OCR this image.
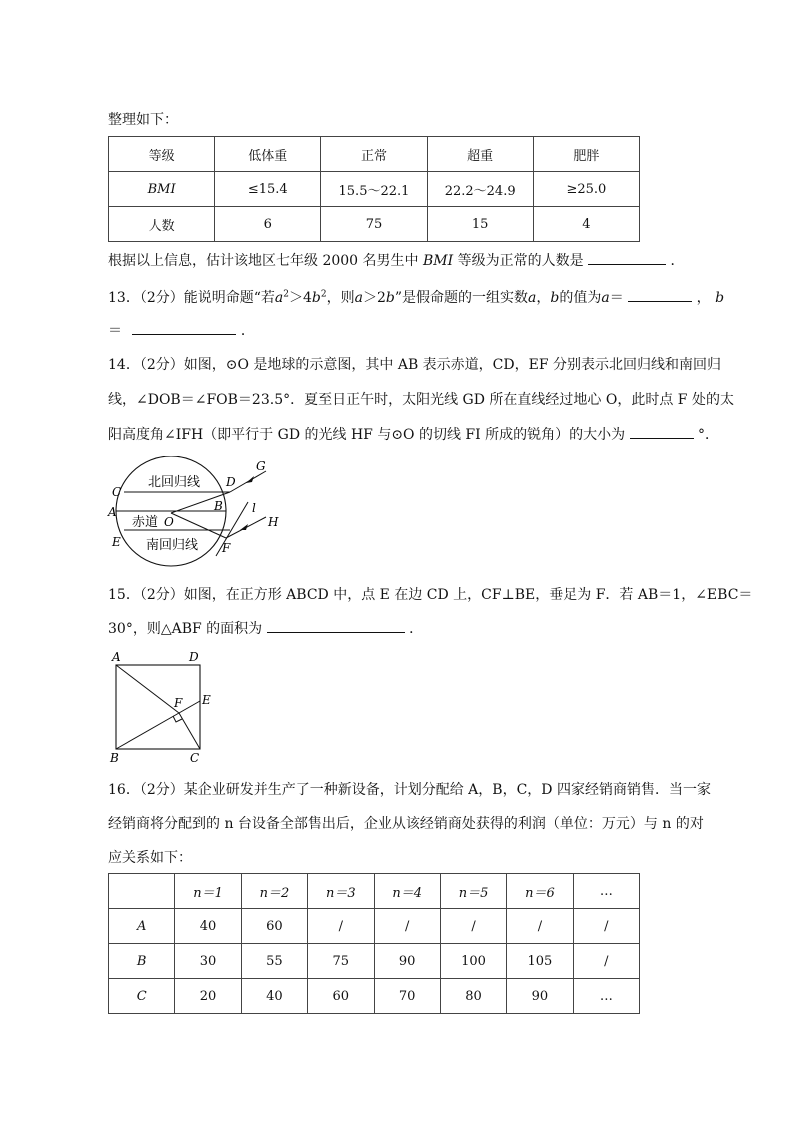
整理如下：
等级	低体重	正常	超重	肥胖
BMI	≤15.4	15.5～22.1	22.2～24.9	≥25.0
人数	6	75	15	4
根据以上信息，估计该地区七年级 2000 名男生中 BMI 等级为正常的人数是	．
13．（2分）能说明命题“若$a^2>4b^2$，则a＞2b”是假命题的一组实数a，b的值为a＝	， b
＝	．
14．（2分）如图，⊙O 是地球的示意图，其中 AB 表示赤道，CD，EF 分别表示北回归线和南回归
线，∠DOB＝∠FOB＝23.5°．夏至日正午时，太阳光线 GD 所在直线经过地心 O，此时点 F 处的太
阳高度角∠IFH（即平行于 GD 的光线 HF 与⊙O 的切线 FI 所成的锐角）的大小为	°．
北回归线
赤道
南回归线
C
A
E
O
B
D
F
G
H
l
15．（2分）如图，在正方形 ABCD 中，点 E 在边 CD 上，CF⊥BE，垂足为 F．若 AB＝1，∠EBC＝
30°，则△ABF 的面积为	．
A	D
F E
B	C
16．（2分）某企业研发并生产了一种新设备，计划分配给 A，B，C，D 四家经销商销售．当一家
经销商将分配到的 n 台设备全部售出后，企业从该经销商处获得的利润（单位：万元）与 n 的对
应关系如下：
	n＝1	n＝2	n＝3	n＝4	n＝5	n＝6	…
A	40	60	/	/	/	/	/
B	30	55	75	90	100	105	/
C	20	40	60	70	80	90	…
